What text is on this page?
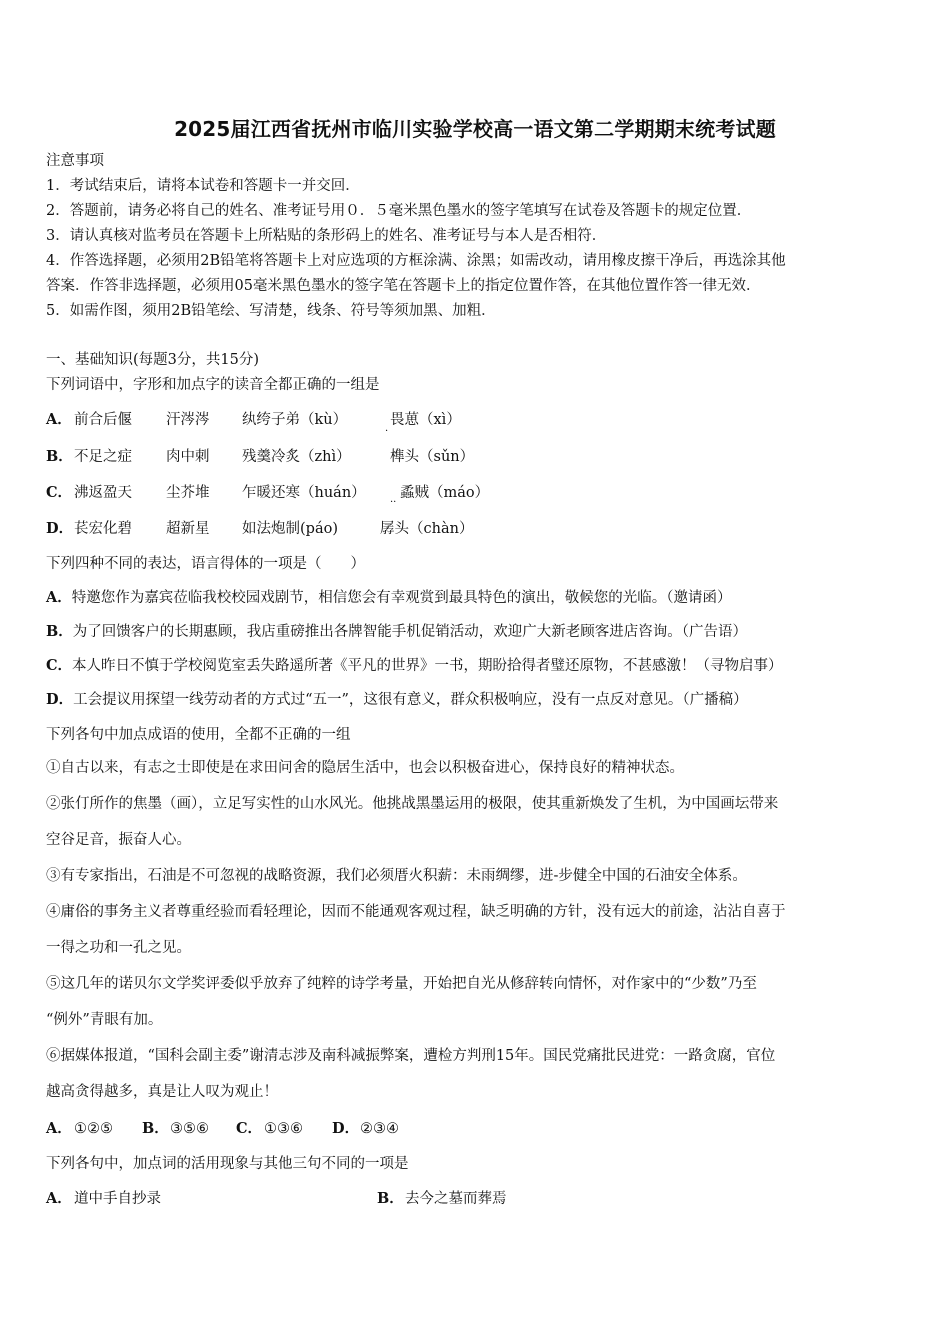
2025届江西省抚州市临川实验学校高一语文第二学期期末统考试题
注意事项
1．考试结束后，请将本试卷和答题卡一并交回．
2．答题前，请务必将自己的姓名、准考证号用０．５毫米黑色墨水的签字笔填写在试卷及答题卡的规定位置．
3．请认真核对监考员在答题卡上所粘贴的条形码上的姓名、准考证号与本人是否相符．
4．作答选择题，必须用2B铅笔将答题卡上对应选项的方框涂满、涂黑；如需改动，请用橡皮擦干净后，再选涂其他
答案．作答非选择题，必须用05毫米黑色墨水的签字笔在答题卡上的指定位置作答，在其他位置作答一律无效．
5．如需作图，须用2B铅笔绘、写清楚，线条、符号等须加黑、加粗．
一、基础知识(每题3分，共15分)
下列词语中，字形和加点字的读音全都正确的一组是
A． 前合后偃 汗涔涔 纨绔子弟（kù）	畏葸（xì）
·
B． 不足之症 肉中刺 残羹冷炙（zhì）	榫头（sǔn）
C． 沸返盈天 尘芥堆 乍暖还寒（huán） 蟊贼（máo）
··
D． 苌宏化碧 超新星 如法炮制(páo)	孱头（chàn）
下列四种不同的表达，语言得体的一项是（　　）
A．特邀您作为嘉宾莅临我校校园戏剧节，相信您会有幸观赏到最具特色的演出，敬候您的光临。（邀请函）
B．为了回馈客户的长期惠顾，我店重磅推出各牌智能手机促销活动，欢迎广大新老顾客进店咨询。（广告语）
C．本人昨日不慎于学校阅览室丢失路遥所著《平凡的世界》一书，期盼拾得者璧还原物，不甚感激！（寻物启事）
D．工会提议用探望一线劳动者的方式过“五一”，这很有意义，群众积极响应，没有一点反对意见。（广播稿）
下列各句中加点成语的使用，全都不正确的一组
①自古以来，有志之士即使是在求田问舍的隐居生活中，也会以积极奋进心，保持良好的精神状态。
②张仃所作的焦墨（画），立足写实性的山水风光。他挑战黑墨运用的极限，使其重新焕发了生机，为中国画坛带来
空谷足音，振奋人心。
③有专家指出，石油是不可忽视的战略资源，我们必须厝火积薪：未雨绸缪，进-步健全中国的石油安全体系。
④庸俗的事务主义者尊重经验而看轻理论，因而不能通观客观过程，缺乏明确的方针，没有远大的前途，沾沾自喜于
一得之功和一孔之见。
⑤这几年的诺贝尔文学奖评委似乎放弃了纯粹的诗学考量，开始把自光从修辞转向情怀，对作家中的“少数”乃至
“例外”青眼有加。
⑥据媒体报道，“国科会副主委”谢清志涉及南科减振弊案，遭检方判刑15年。国民党痛批民进党：一路贪腐，官位
越高贪得越多，真是让人叹为观止！
A． ①②⑤ B． ③⑤⑥ C． ①③⑥ D． ②③④
下列各句中，加点词的活用现象与其他三句不同的一项是
A． 道中手自抄录	B． 去今之墓而葬焉
